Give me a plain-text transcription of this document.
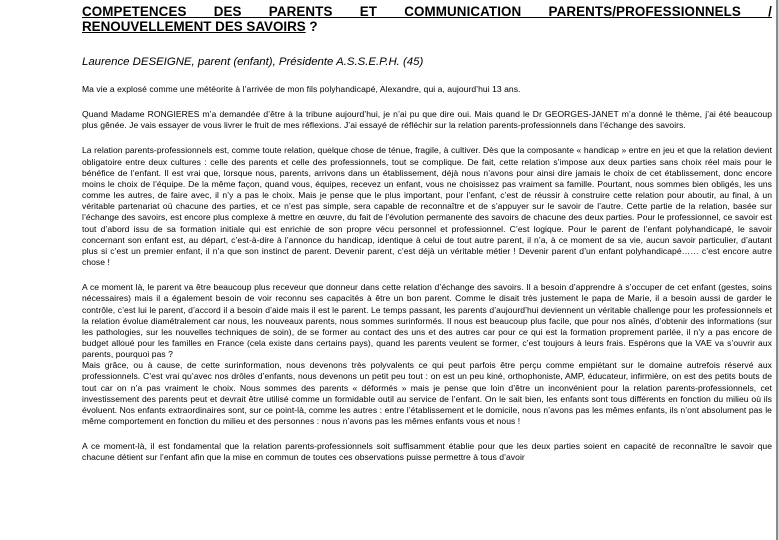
COMPETENCES DES PARENTS ET COMMUNICATION PARENTS/PROFESSIONNELS /

RENOUVELLEMENT DES SAVOIRS ?

Laurence DESEIGNE, parent (enfant), Présidente A.S.S.E.P.H. (45)

Ma vie a explosé comme une météorite à l’arrivée de mon fils polyhandicapé, Alexandre, qui a, aujourd’hui 13 ans.

Quand Madame RONGIERES m’a demandée d’être à la tribune aujourd’hui, je n’ai pu que dire oui. Mais quand le Dr GEORGES-JANET m’a donné le thème, j’ai été beaucoup plus gênée. Je vais essayer de vous livrer le fruit de mes réflexions. J’ai essayé de réfléchir sur la relation parents-professionnels dans l’échange des savoirs.

La relation parents-professionnels est, comme toute relation, quelque chose de ténue, fragile, à cultiver. Dès que la composante « handicap » entre en jeu et que la relation devient obligatoire entre deux cultures : celle des parents et celle des professionnels, tout se complique. De fait, cette relation s’impose aux deux parties sans choix réel mais pour le bénéfice de l’enfant. Il est vrai que, lorsque nous, parents, arrivons dans un établissement, déjà nous n’avons pour ainsi dire jamais le choix de cet établissement, donc encore moins le choix de l’équipe. De la même façon, quand vous, équipes, recevez un enfant, vous ne choisissez pas vraiment sa famille. Pourtant, nous sommes bien obligés, les uns comme les autres, de faire avec, il n’y a pas le choix. Mais je pense que le plus important, pour l’enfant, c’est de réussir à construire cette relation pour aboutir, au final, à un véritable partenariat où chacune des parties, et ce n’est pas simple, sera capable de reconnaître et de s’appuyer sur le savoir de l’autre. Cette partie de la relation, basée sur l’échange des savoirs, est encore plus complexe à mettre en œuvre, du fait de l’évolution permanente des savoirs de chacune des deux parties. Pour le professionnel, ce savoir est tout d’abord issu de sa formation initiale qui est enrichie de son propre vécu personnel et professionnel. C’est logique. Pour le parent de l’enfant polyhandicapé, le savoir concernant son enfant est, au départ, c’est-à-dire à l’annonce du handicap, identique à celui de tout autre parent, il n’a, à ce moment de sa vie, aucun savoir particulier, d’autant plus si c’est un premier enfant, il n’a que son instinct de parent. Devenir parent, c’est déjà un véritable métier ! Devenir parent d’un enfant polyhandicapé…… c’est encore autre chose !

A ce moment là, le parent va être beaucoup plus receveur que donneur dans cette relation d’échange des savoirs. Il a besoin d’apprendre à s’occuper de cet enfant (gestes, soins nécessaires) mais il a également besoin de voir reconnu ses capacités à être un bon parent. Comme le disait très justement le papa de Marie, il a besoin aussi de garder le contrôle, c’est lui le parent, d’accord il a besoin d’aide mais il est le parent. Le temps passant, les parents d’aujourd’hui deviennent un véritable challenge pour les professionnels et la relation évolue diamétralement car nous, les nouveaux parents, nous sommes surinformés. Il nous est beaucoup plus facile, que pour nos aînés, d’obtenir des informations (sur les pathologies, sur les nouvelles techniques de soin), de se former au contact des uns et des autres car pour ce qui est la formation proprement parlée, il n’y a pas encore de budget alloué pour les familles en France (cela existe dans certains pays), quand les parents veulent se former, c’est toujours à leurs frais. Espérons que la VAE va s’ouvrir aux parents, pourquoi pas ?

Mais grâce, ou à cause, de cette surinformation, nous devenons très polyvalents ce qui peut parfois être perçu comme empiétant sur le domaine autrefois réservé aux professionnels. C’est vrai qu’avec nos drôles d’enfants, nous devenons un petit peu tout : on est un peu kiné, orthophoniste, AMP, éducateur, infirmière, on est des petits bouts de tout car on n’a pas vraiment le choix. Nous sommes des parents « déformés » mais je pense que loin d’être un inconvénient pour la relation parents-professionnels, cet investissement des parents peut et devrait être utilisé comme un formidable outil au service de l’enfant. On le sait bien, les enfants sont tous différents en fonction du milieu où ils évoluent. Nos enfants extraordinaires sont, sur ce point-là, comme les autres : entre l’établissement et le domicile, nous n’avons pas les mêmes enfants, ils n’ont absolument pas le même comportement en fonction du milieu et des personnes : nous n’avons pas les mêmes enfants vous et nous !

A ce moment-là, il est fondamental que la relation parents-professionnels soit suffisamment établie pour que les deux parties soient en capacité de reconnaître le savoir que chacune détient sur l’enfant afin que la mise en commun de toutes ces observations puisse permettre à tous d’avoir
